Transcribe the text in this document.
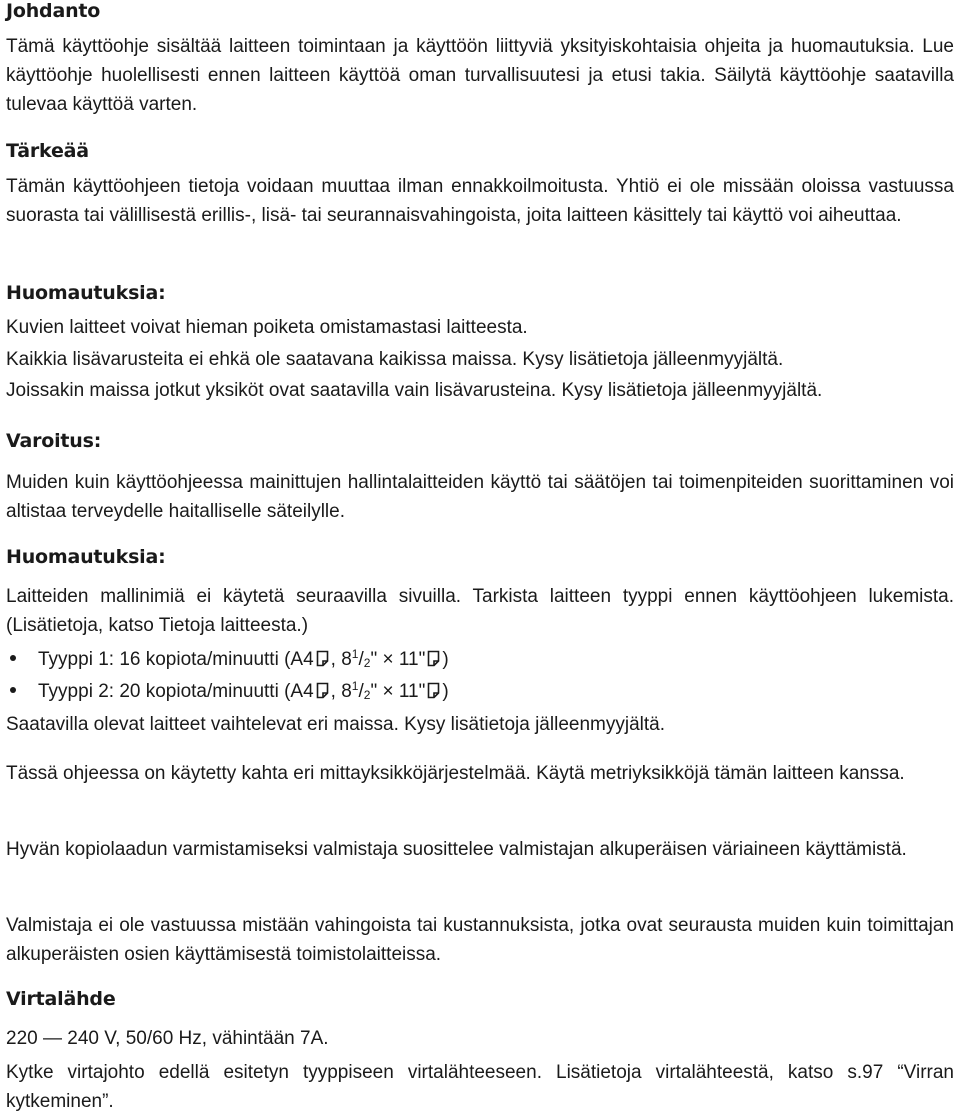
Johdanto

Tämä käyttöohje sisältää laitteen toimintaan ja käyttöön liittyviä yksityiskohtaisia ohjeita ja huomautuksia. Lue käyttöohje huolellisesti ennen laitteen käyttöä oman turvallisuutesi ja etusi takia. Säilytä käyttöohje saatavilla tulevaa käyttöä varten.

Tärkeää

Tämän käyttöohjeen tietoja voidaan muuttaa ilman ennakkoilmoitusta. Yhtiö ei ole missään oloissa vastuussa suorasta tai välillisestä erillis-, lisä- tai seurannaisvahingoista, joita laitteen käsittely tai käyttö voi aiheuttaa.

Huomautuksia:

Kuvien laitteet voivat hieman poiketa omistamastasi laitteesta.

Kaikkia lisävarusteita ei ehkä ole saatavana kaikissa maissa. Kysy lisätietoja jälleenmyyjältä.

Joissakin maissa jotkut yksiköt ovat saatavilla vain lisävarusteina. Kysy lisätietoja jälleenmyyjältä.

Varoitus:

Muiden kuin käyttöohjeessa mainittujen hallintalaitteiden käyttö tai säätöjen tai toimenpiteiden suorittaminen voi altistaa terveydelle haitalliselle säteilylle.

Huomautuksia:

Laitteiden mallinimiä ei käytetä seuraavilla sivuilla. Tarkista laitteen tyyppi ennen käyttöohjeen lukemista. (Lisätietoja, katso Tietoja laitteesta.)

Tyyppi 1: 16 kopiota/minuutti (A4 , $8^1/_2$" × 11" )
Tyyppi 2: 20 kopiota/minuutti (A4 , $8^1/_2$" × 11" )

Saatavilla olevat laitteet vaihtelevat eri maissa. Kysy lisätietoja jälleenmyyjältä.

Tässä ohjeessa on käytetty kahta eri mittayksikköjärjestelmää. Käytä metriyksikköjä tämän laitteen kanssa.

Hyvän kopiolaadun varmistamiseksi valmistaja suosittelee valmistajan alkuperäisen väriaineen käyttämistä.

Valmistaja ei ole vastuussa mistään vahingoista tai kustannuksista, jotka ovat seurausta muiden kuin toimittajan alkuperäisten osien käyttämisestä toimistolaitteissa.

Virtalähde

220 — 240 V, 50/60 Hz, vähintään 7A.

Kytke virtajohto edellä esitetyn tyyppiseen virtalähteeseen. Lisätietoja virtalähteestä, katso s.97 “Virran kytkeminen”.
